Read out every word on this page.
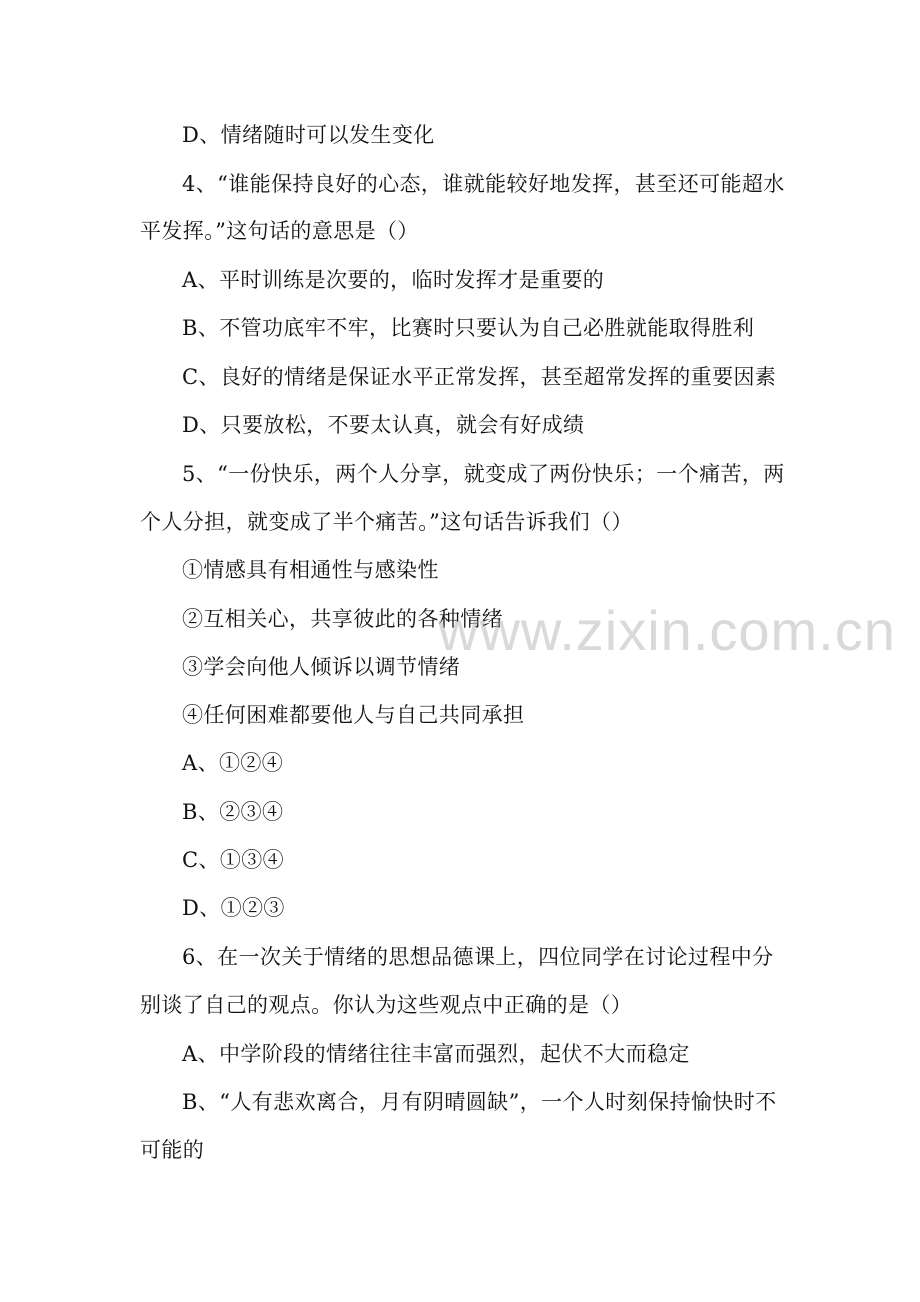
D、情绪随时可以发生变化
4、“谁能保持良好的心态，谁就能较好地发挥，甚至还可能超水
平发挥。”这句话的意思是（）
A、平时训练是次要的，临时发挥才是重要的
B、不管功底牢不牢，比赛时只要认为自己必胜就能取得胜利
C、良好的情绪是保证水平正常发挥，甚至超常发挥的重要因素
D、只要放松，不要太认真，就会有好成绩
5、“一份快乐，两个人分享，就变成了两份快乐；一个痛苦，两
个人分担，就变成了半个痛苦。”这句话告诉我们（）
①情感具有相通性与感染性
②互相关心，共享彼此的各种情绪
③学会向他人倾诉以调节情绪
④任何困难都要他人与自己共同承担
A、①②④
B、②③④
C、①③④
D、①②③
6、在一次关于情绪的思想品德课上，四位同学在讨论过程中分
别谈了自己的观点。你认为这些观点中正确的是（）
A、中学阶段的情绪往往丰富而强烈，起伏不大而稳定
B、“人有悲欢离合，月有阴晴圆缺”，一个人时刻保持愉快时不
可能的
www.zixin.com.cn
